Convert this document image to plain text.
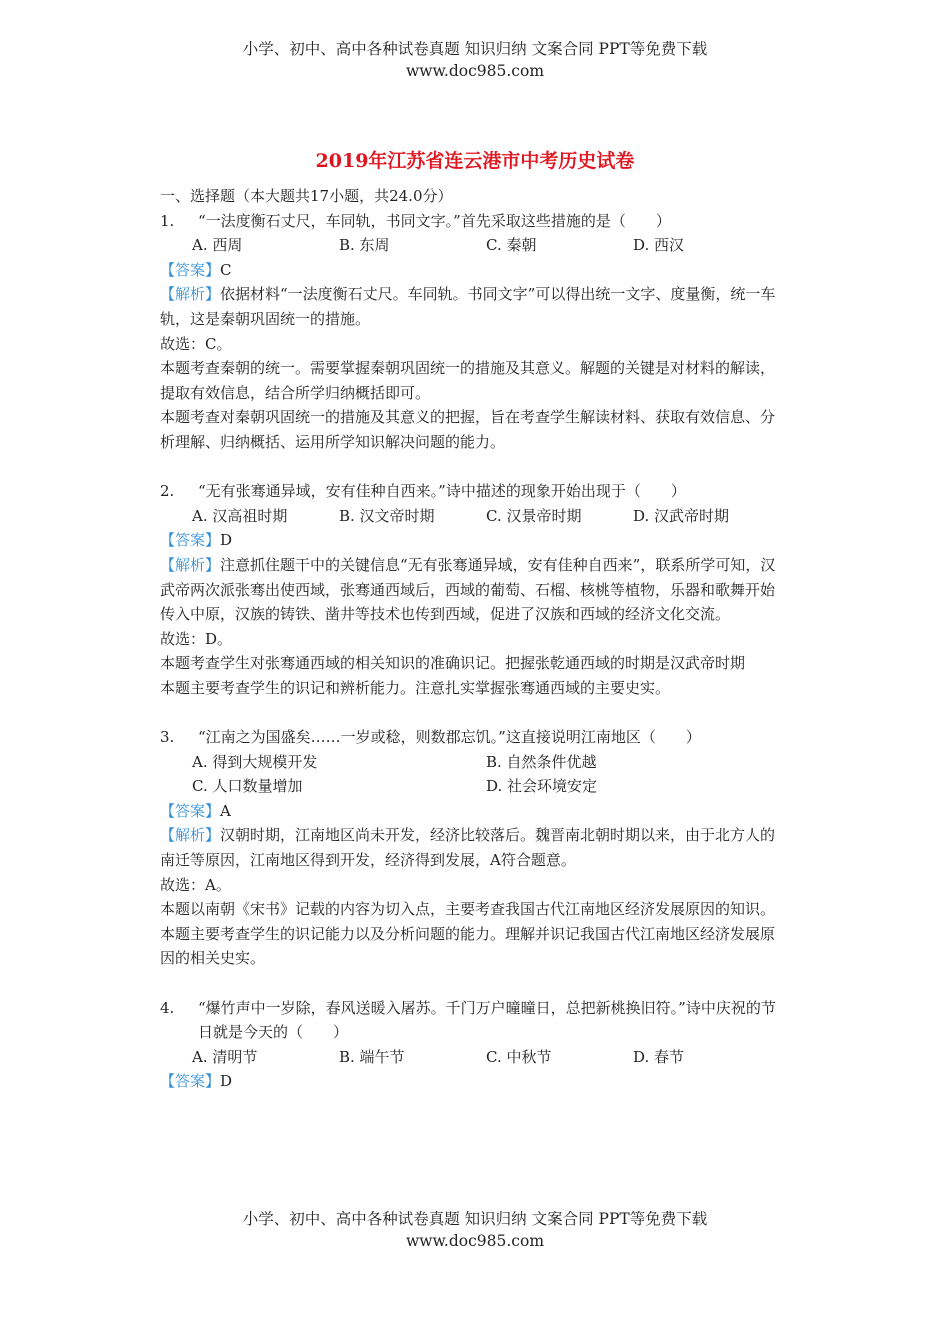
小学、初中、高中各种试卷真题 知识归纳 文案合同 PPT等免费下载
www.doc985.com
2019年江苏省连云港市中考历史试卷
一、选择题（本大题共17小题，共24.0分）
1. “一法度衡石丈尺，车同轨，书同文字。”首先采取这些措施的是（　　）
A. 西周	B. 东周	C. 秦朝	D. 西汉
【答案】C
【解析】依据材料“一法度衡石丈尺。车同轨。书同文字”可以得出统一文字、度量衡，统一车轨，这是秦朝巩固统一的措施。
故选：C。
本题考查秦朝的统一。需要掌握秦朝巩固统一的措施及其意义。解题的关键是对材料的解读，提取有效信息，结合所学归纳概括即可。
本题考查对秦朝巩固统一的措施及其意义的把握，旨在考查学生解读材料、获取有效信息、分析理解、归纳概括、运用所学知识解决问题的能力。
2. “无有张骞通异域，安有佳种自西来。”诗中描述的现象开始出现于（　　）
A. 汉高祖时期	B. 汉文帝时期	C. 汉景帝时期	D. 汉武帝时期
【答案】D
【解析】注意抓住题干中的关键信息“无有张骞通异域，安有佳种自西来”，联系所学可知，汉武帝两次派张骞出使西域，张骞通西域后，西域的葡萄、石榴、核桃等植物，乐器和歌舞开始传入中原，汉族的铸铁、凿井等技术也传到西域，促进了汉族和西域的经济文化交流。
故选：D。
本题考查学生对张骞通西域的相关知识的准确识记。把握张乾通西域的时期是汉武帝时期
本题主要考查学生的识记和辨析能力。注意扎实掌握张骞通西域的主要史实。
3. “江南之为国盛矣……一岁或稔，则数郡忘饥。”这直接说明江南地区（　　）
A. 得到大规模开发	B. 自然条件优越
C. 人口数量增加	D. 社会环境安定
【答案】A
【解析】汉朝时期，江南地区尚未开发，经济比较落后。魏晋南北朝时期以来，由于北方人的南迁等原因，江南地区得到开发，经济得到发展，A符合题意。
故选：A。
本题以南朝《宋书》记载的内容为切入点，主要考查我国古代江南地区经济发展原因的知识。
本题主要考查学生的识记能力以及分析问题的能力。理解并识记我国古代江南地区经济发展原因的相关史实。
4.	“爆竹声中一岁除，春风送暖入屠苏。千门万户曈曈日，总把新桃换旧符。”诗中庆祝的节日就是今天的（　　）
A. 清明节	B. 端午节	C. 中秋节	D. 春节
【答案】D
小学、初中、高中各种试卷真题 知识归纳 文案合同 PPT等免费下载
www.doc985.com
